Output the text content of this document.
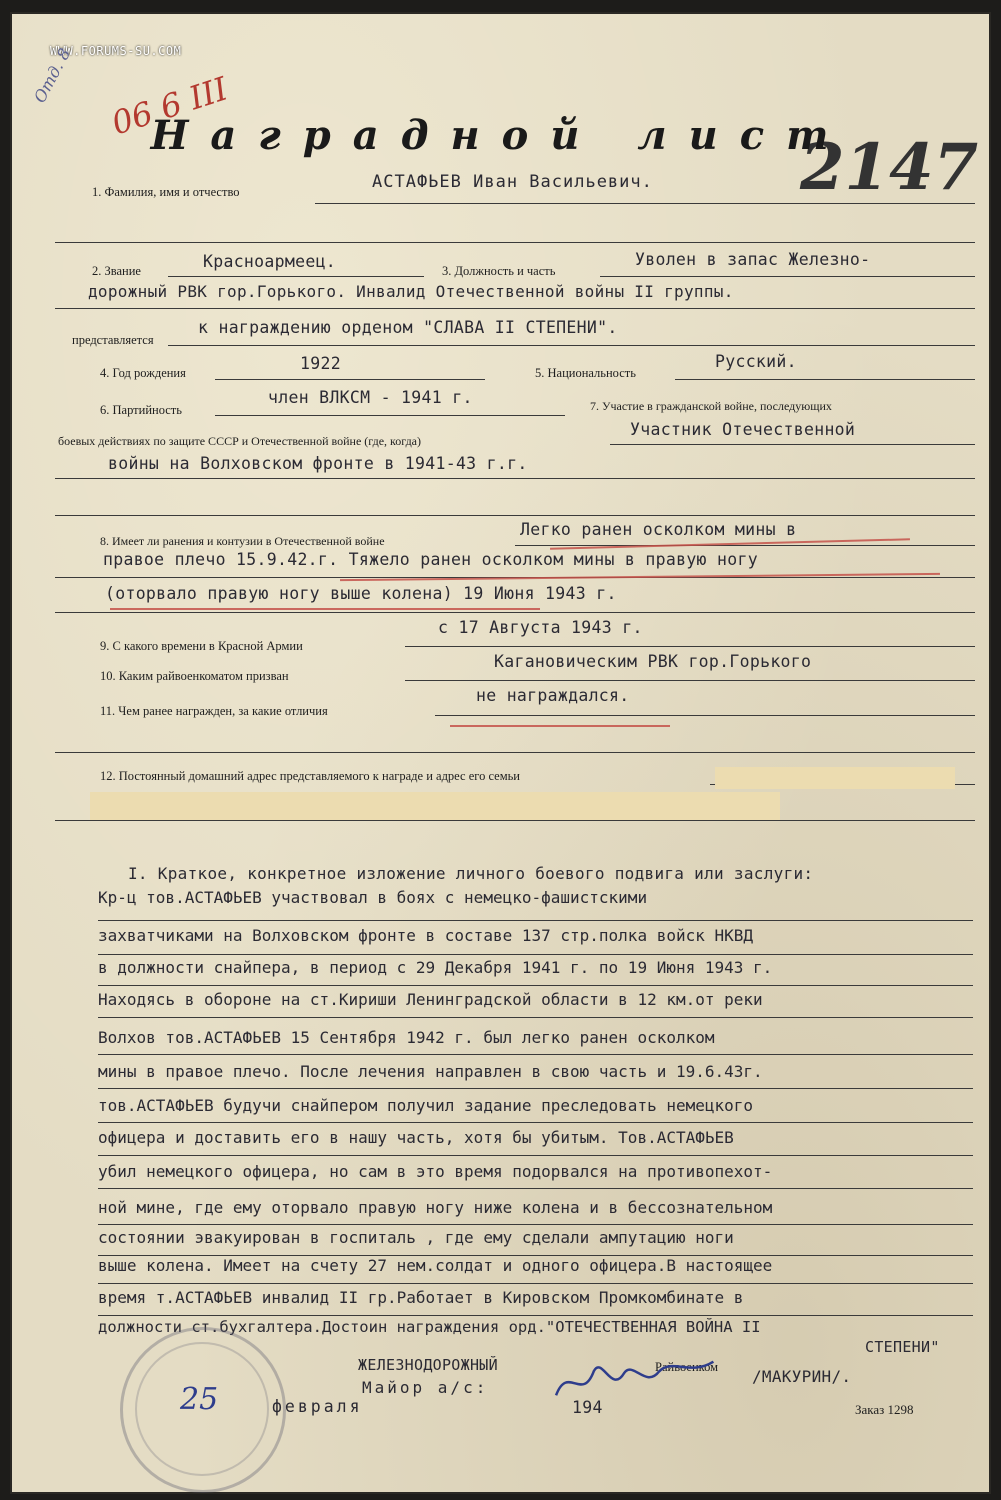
WWW.FORUMS-SU.COM
Отд. 8 06 6 III
2147
Наградной лист
1. Фамилия, имя и отчество	АСТАФЬЕВ Иван Васильевич.
2. Звание	Красноармеец.	3. Должность и часть
Уволен в запас Железно-
дорожный РВК гор.Горького. Инвалид Отечественной войны II группы.
представляется
к награждению орденом "СЛАВА II СТЕПЕНИ".
4. Год рождения	1922	5. Национальность
Русский.
6. Партийность
член ВЛКСМ - 1941 г.	7. Участие в гражданской войне, последующих
боевых действиях по защите СССР и Отечественной войне (где, когда)
Участник Отечественной
войны на Волховском фронте в 1941-43 г.г.
8. Имеет ли ранения и контузии в Отечественной войне
Легко ранен осколком мины в
правое плечо 15.9.42.г. Тяжело ранен осколком мины в правую ногу
(оторвало правую ногу выше колена) 19 Июня 1943 г.
9. С какого времени в Красной Армии
с 17 Августа 1943 г.
10. Каким райвоенкоматом призван
Кагановическим РВК гор.Горького
11. Чем ранее награжден, за какие отличия
не награждался.
12. Постоянный домашний адрес представляемого к награде и адрес его семьи
I. Краткое, конкретное изложение личного боевого подвига или заслуги:
Кр-ц тов.АСТАФЬЕВ участвовал в боях с немецко-фашистскими
захватчиками на Волховском фронте в составе 137 стр.полка войск НКВД
в должности снайпера, в период с 29 Декабря 1941 г. по 19 Июня 1943 г.
Находясь в обороне на ст.Кириши Ленинградской области в 12 км.от реки
Волхов тов.АСТАФЬЕВ 15 Сентября 1942 г. был легко ранен осколком
мины в правое плечо. После лечения направлен в свою часть и 19.6.43г.
тов.АСТАФЬЕВ будучи снайпером получил задание преследовать немецкого
офицера и доставить его в нашу часть, хотя бы убитым. Тов.АСТАФЬЕВ
убил немецкого офицера, но сам в это время подорвался на противопехот-
ной мине, где ему оторвало правую ногу ниже колена и в бессознательном
состоянии эвакуирован в госпиталь , где ему сделали ампутацию ноги
выше колена. Имеет на счету 27 нем.солдат и одного офицера.В настоящее
время т.АСТАФЬЕВ инвалид II гр.Работает в Кировском Промкомбинате в
должности ст.бухгалтера.Достоин награждения орд."ОТЕЧЕСТВЕННАЯ ВОЙНА II
СТЕПЕНИ"
ЖЕЛЕЗНОДОРОЖНЫЙ	Райвоенком
Майор а/с:
/МАКУРИН/.
25	февраля	194	Заказ 1298
